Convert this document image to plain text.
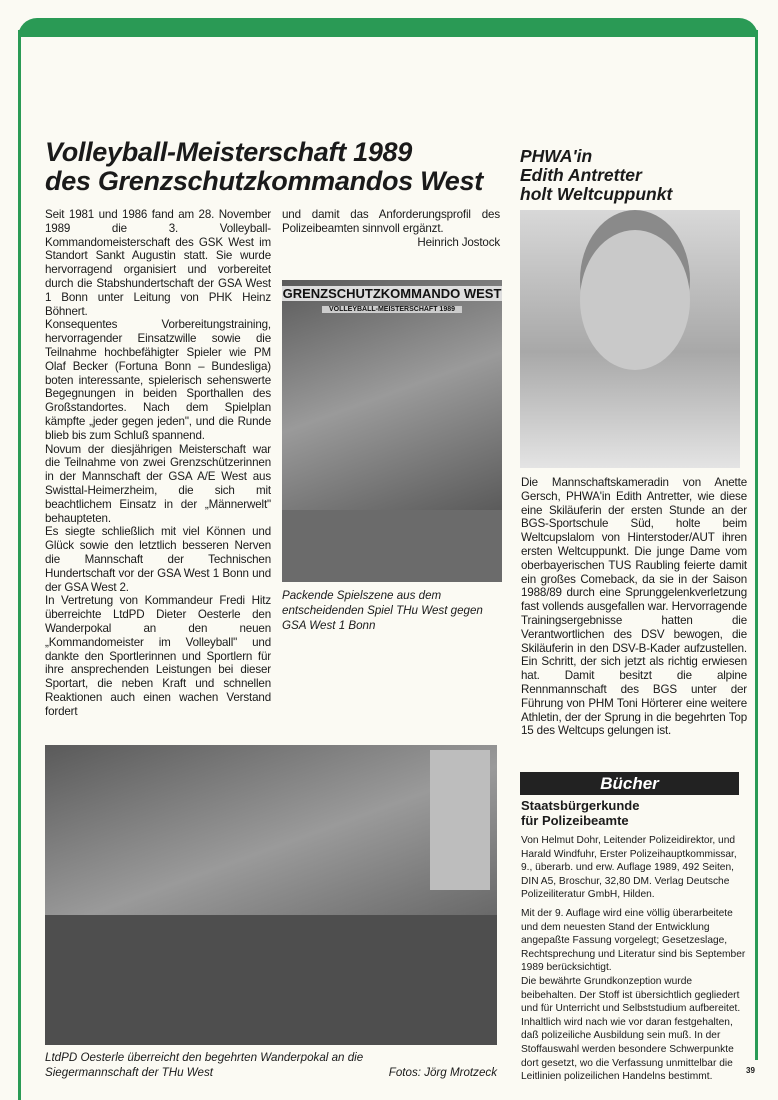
Volleyball-Meisterschaft 1989
des Grenzschutzkommandos West

Seit 1981 und 1986 fand am 28. November 1989 die 3. Volleyball-Kommandomeisterschaft des GSK West im Standort Sankt Augustin statt. Sie wurde hervorragend organisiert und vorbereitet durch die Stabshundertschaft der GSA West 1 Bonn unter Leitung von PHK Heinz Böhnert.

Konsequentes Vorbereitungstraining, hervorragender Einsatzwille sowie die Teilnahme hochbefähigter Spieler wie PM Olaf Becker (Fortuna Bonn – Bundesliga) boten interessante, spielerisch sehenswerte Begegnungen in beiden Sporthallen des Großstandortes. Nach dem Spielplan kämpfte „jeder gegen jeden", und die Runde blieb bis zum Schluß spannend.

Novum der diesjährigen Meisterschaft war die Teilnahme von zwei Grenzschützerinnen in der Mannschaft der GSA A/E West aus Swisttal-Heimerzheim, die sich mit beachtlichem Einsatz in der „Männerwelt" behaupteten.

Es siegte schließlich mit viel Können und Glück sowie den letztlich besseren Nerven die Mannschaft der Technischen Hundertschaft vor der GSA West 1 Bonn und der GSA West 2.

In Vertretung von Kommandeur Fredi Hitz überreichte LtdPD Dieter Oesterle den Wanderpokal an den neuen „Kommandomeister im Volleyball" und dankte den Sportlerinnen und Sportlern für ihre ansprechenden Leistungen bei dieser Sportart, die neben Kraft und schnellen Reaktionen auch einen wachen Verstand fordert

und damit das Anforderungsprofil des Polizeibeamten sinnvoll ergänzt.

Heinrich Jostock

GRENZSCHUTZKOMMANDO WEST
VOLLEYBALL-MEISTERSCHAFT 1989
Packende Spielszene aus dem entscheidenden Spiel THu West gegen GSA West 1 Bonn
LtdPD Oesterle überreicht den begehrten Wanderpokal an die Siegermannschaft der THu West	Fotos: Jörg Mrotzeck
PHWA'in
Edith Antretter
holt Weltcuppunkt

Die Mannschaftskameradin von Anette Gersch, PHWA'in Edith Antretter, wie diese eine Skiläuferin der ersten Stunde an der BGS-Sportschule Süd, holte beim Weltcupslalom von Hinterstoder/AUT ihren ersten Weltcuppunkt. Die junge Dame vom oberbayerischen TUS Raubling feierte damit ein großes Comeback, da sie in der Saison 1988/89 durch eine Sprunggelenkverletzung fast vollends ausgefallen war. Hervorragende Trainingsergebnisse hatten die Verantwortlichen des DSV bewogen, die Skiläuferin in den DSV-B-Kader aufzustellen. Ein Schritt, der sich jetzt als richtig erwiesen hat. Damit besitzt die alpine Rennmannschaft des BGS unter der Führung von PHM Toni Hörterer eine weitere Athletin, der der Sprung in die begehrten Top 15 des Weltcups gelungen ist.

Bücher
Staatsbürgerkunde
für Polizeibeamte

Von Helmut Dohr, Leitender Polizeidirektor, und Harald Windfuhr, Erster Polizeihauptkommissar, 9., überarb. und erw. Auflage 1989, 492 Seiten, DIN A5, Broschur, 32,80 DM. Verlag Deutsche Polizeiliteratur GmbH, Hilden.

Mit der 9. Auflage wird eine völlig überarbeitete und dem neuesten Stand der Entwicklung angepaßte Fassung vorgelegt; Gesetzeslage, Rechtsprechung und Literatur sind bis September 1989 berücksichtigt.

Die bewährte Grundkonzeption wurde beibehalten. Der Stoff ist übersichtlich gegliedert und für Unterricht und Selbststudium aufbereitet. Inhaltlich wird nach wie vor daran festgehalten, daß polizeiliche Ausbildung sein muß. In der Stoffauswahl werden besondere Schwerpunkte dort gesetzt, wo die Verfassung unmittelbar die Leitlinien polizeilichen Handelns bestimmt.

39
